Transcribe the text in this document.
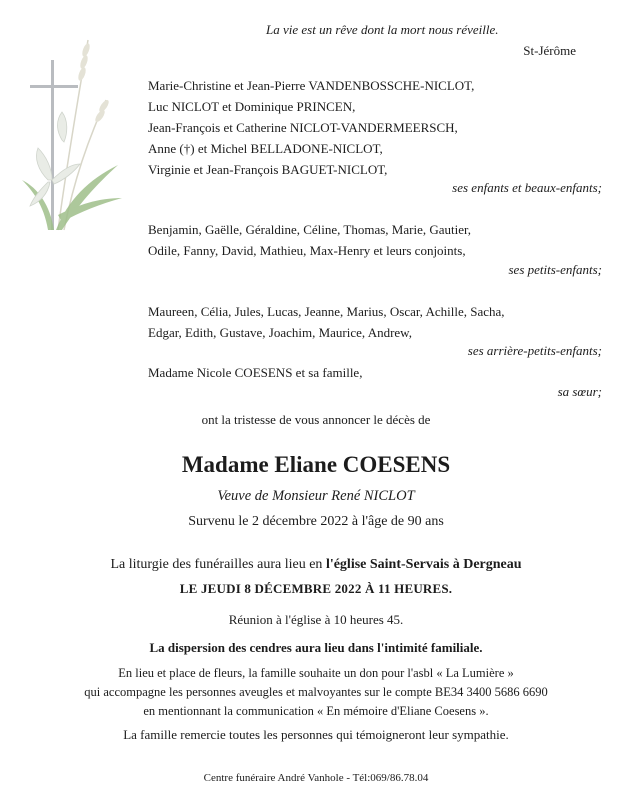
La vie est un rêve dont la mort nous réveille.
St-Jérôme
Marie-Christine et Jean-Pierre VANDENBOSSCHE-NICLOT,
Luc NICLOT et Dominique PRINCEN,
Jean-François et Catherine NICLOT-VANDERMEERSCH,
Anne (†) et Michel BELLADONE-NICLOT,
Virginie et Jean-François BAGUET-NICLOT,
ses enfants et beaux-enfants;
Benjamin, Gaëlle, Géraldine, Céline, Thomas, Marie, Gautier,
Odile, Fanny, David, Mathieu, Max-Henry et leurs conjoints,
ses petits-enfants;
Maureen, Célia, Jules, Lucas, Jeanne, Marius, Oscar, Achille, Sacha,
Edgar, Edith, Gustave, Joachim, Maurice, Andrew,
ses arrière-petits-enfants;
Madame Nicole COESENS et sa famille,
sa sœur;
ont la tristesse de vous annoncer le décès de
Madame Eliane COESENS
Veuve de Monsieur René NICLOT
Survenu le 2 décembre 2022 à l'âge de 90 ans
La liturgie des funérailles aura lieu en l'église Saint-Servais à Dergneau
LE JEUDI 8 DÉCEMBRE 2022 À 11 HEURES.
Réunion à l'église à 10 heures 45.
La dispersion des cendres aura lieu dans l'intimité familiale.
En lieu et place de fleurs, la famille souhaite un don pour l'asbl « La Lumière »
qui accompagne les personnes aveugles et malvoyantes sur le compte BE34 3400 5686 6690
en mentionnant la communication « En mémoire d'Eliane Coesens ».
La famille remercie toutes les personnes qui témoigneront leur sympathie.
Centre funéraire André Vanhole - Tél:069/86.78.04
